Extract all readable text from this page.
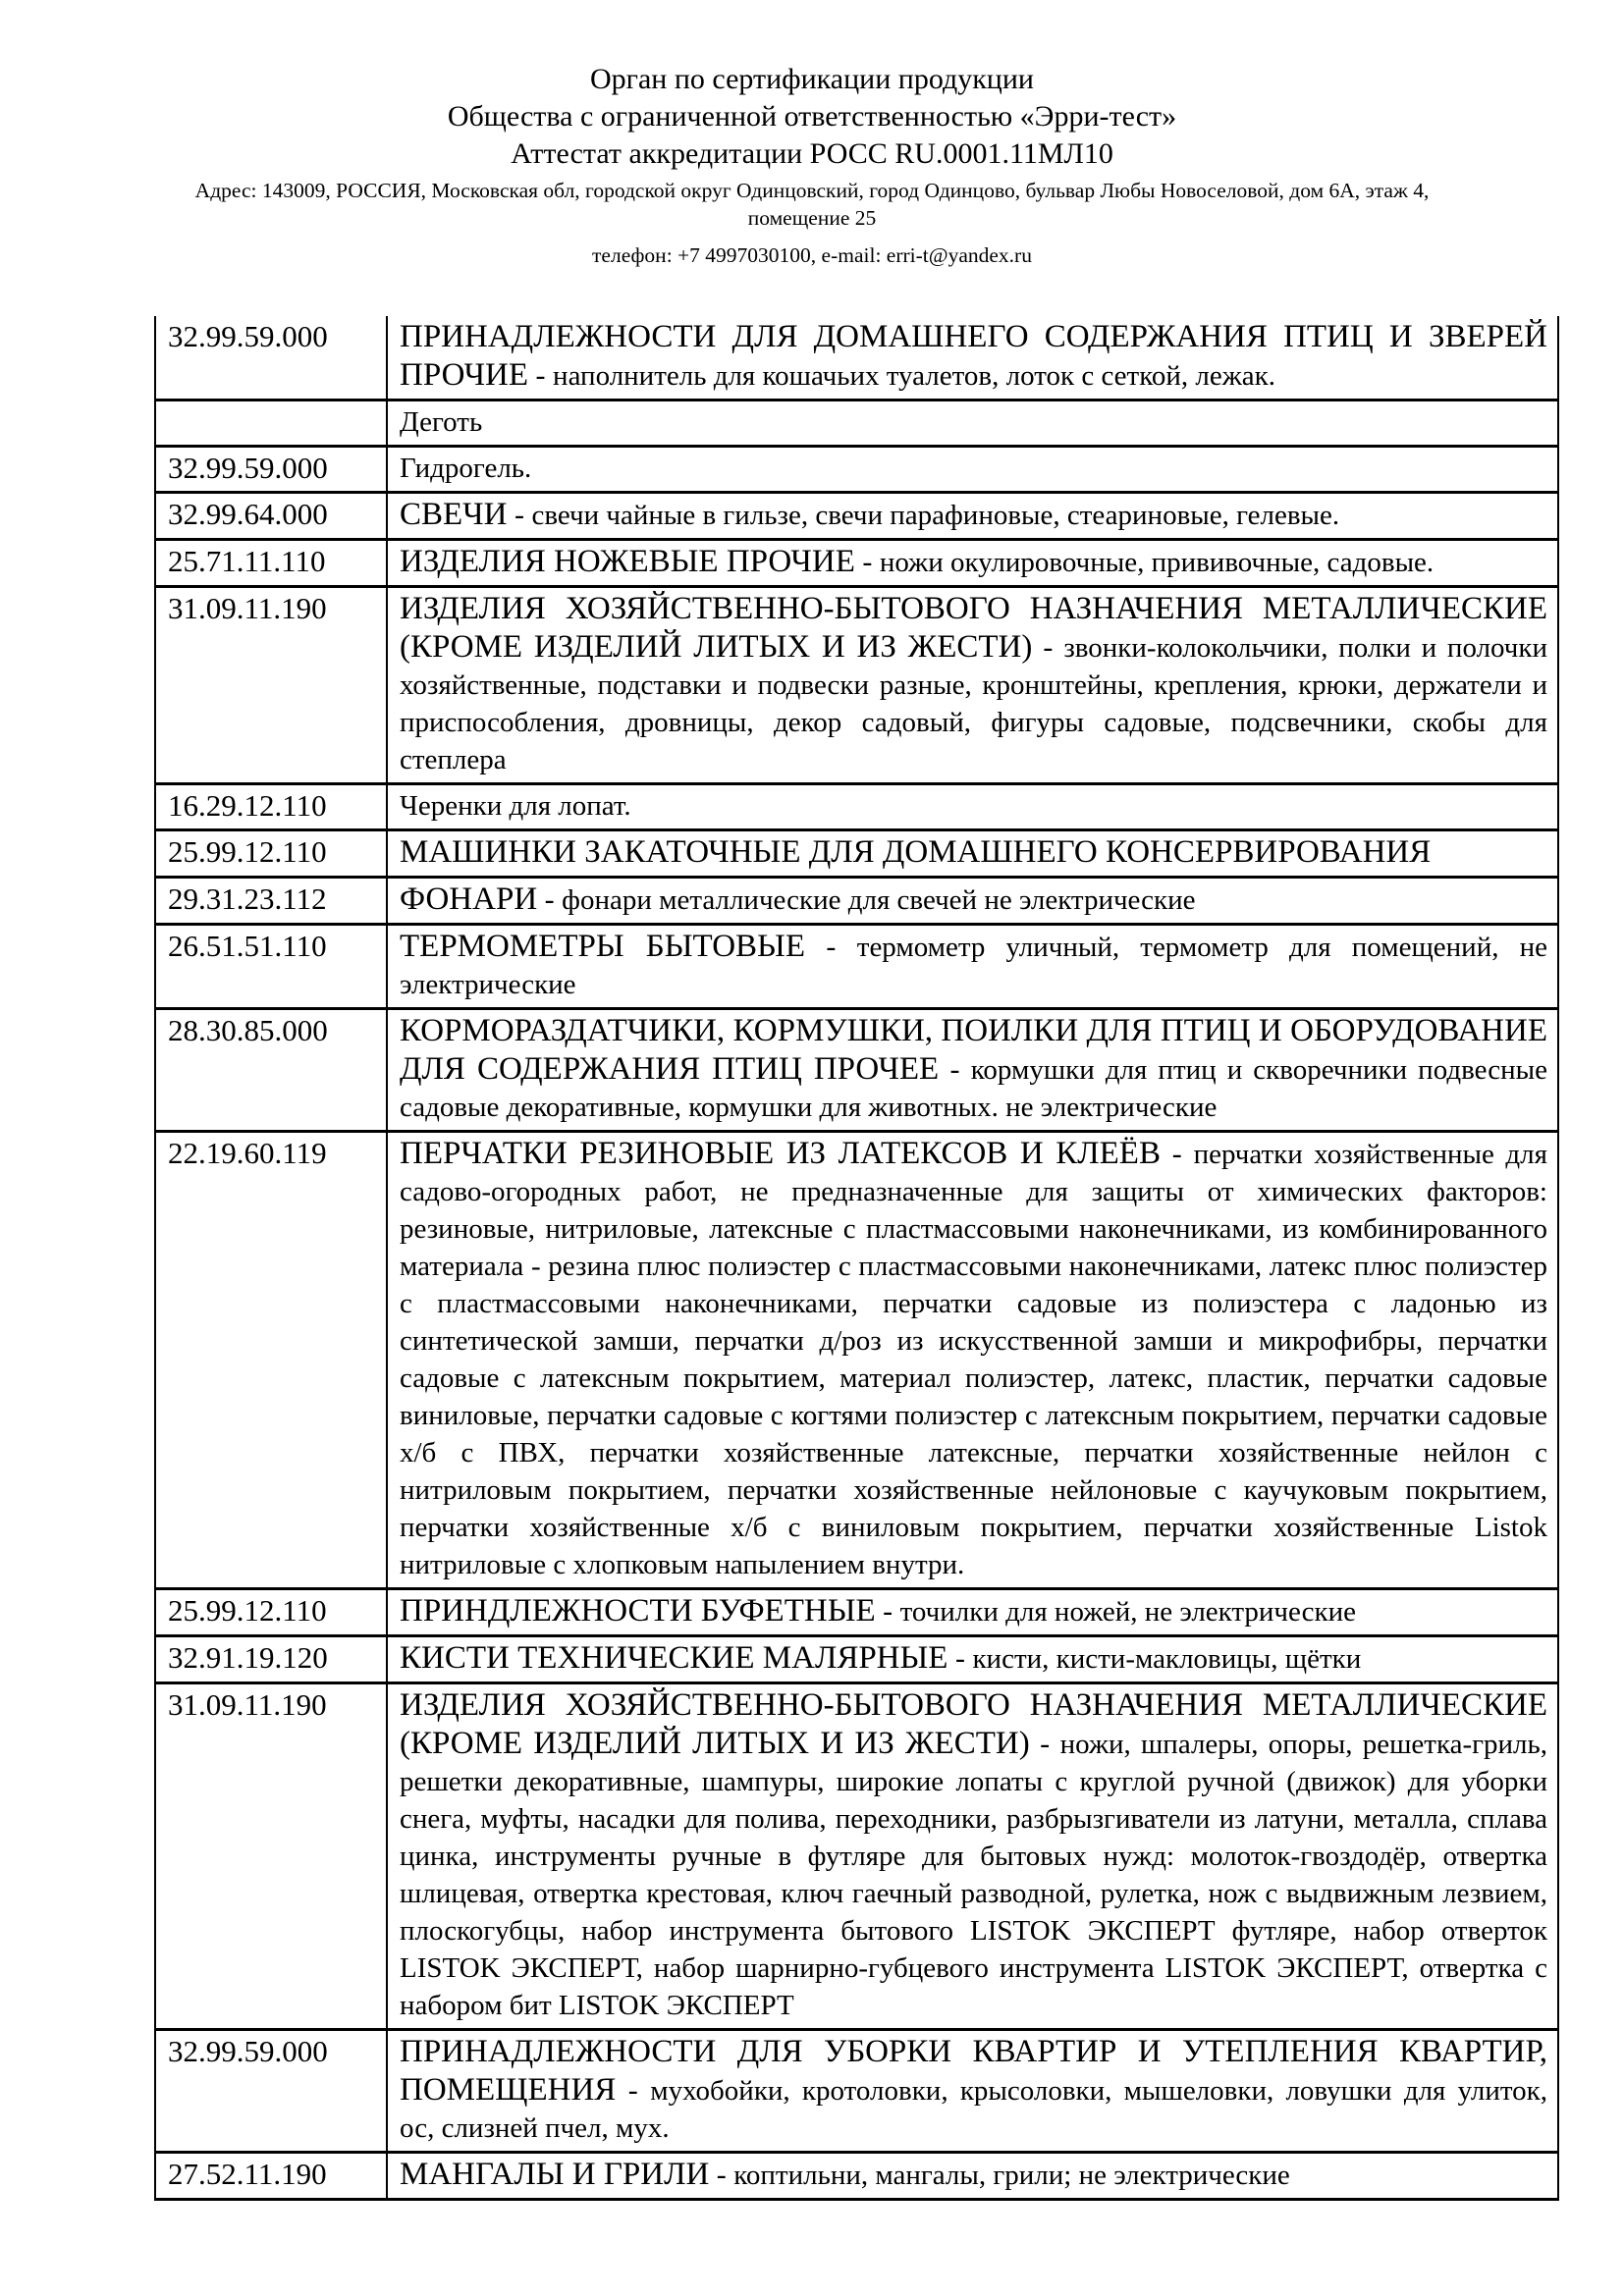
Орган по сертификации продукции
Общества с ограниченной ответственностью «Эрри-тест»
Аттестат аккредитации РОСС RU.0001.11МЛ10
Адрес: 143009, РОССИЯ, Московская обл, городской округ Одинцовский, город Одинцово, бульвар Любы Новоселовой, дом 6А, этаж 4, помещение 25
телефон: +7 4997030100, e-mail: erri-t@yandex.ru
32.99.59.000	ПРИНАДЛЕЖНОСТИ ДЛЯ ДОМАШНЕГО СОДЕРЖАНИЯ ПТИЦ И ЗВЕРЕЙ ПРОЧИЕ - наполнитель для кошачьих туалетов, лоток с сеткой, лежак.
	Деготь
32.99.59.000	Гидрогель.
32.99.64.000	СВЕЧИ - свечи чайные в гильзе, свечи парафиновые, стеариновые, гелевые.
25.71.11.110	ИЗДЕЛИЯ НОЖЕВЫЕ ПРОЧИЕ - ножи окулировочные, прививочные, садовые.
31.09.11.190	ИЗДЕЛИЯ ХОЗЯЙСТВЕННО-БЫТОВОГО НАЗНАЧЕНИЯ МЕТАЛЛИЧЕСКИЕ (КРОМЕ ИЗДЕЛИЙ ЛИТЫХ И ИЗ ЖЕСТИ) - звонки-колокольчики, полки и полочки хозяйственные, подставки и подвески разные, кронштейны, крепления, крюки, держатели и приспособления, дровницы, декор садовый, фигуры садовые, подсвечники, скобы для степлера
16.29.12.110	Черенки для лопат.
25.99.12.110	МАШИНКИ ЗАКАТОЧНЫЕ ДЛЯ ДОМАШНЕГО КОНСЕРВИРОВАНИЯ
29.31.23.112	ФОНАРИ - фонари металлические для свечей не электрические
26.51.51.110	ТЕРМОМЕТРЫ БЫТОВЫЕ - термометр уличный, термометр для помещений, не электрические
28.30.85.000	КОРМОРАЗДАТЧИКИ, КОРМУШКИ, ПОИЛКИ ДЛЯ ПТИЦ И ОБОРУДОВАНИЕ ДЛЯ СОДЕРЖАНИЯ ПТИЦ ПРОЧЕЕ - кормушки для птиц и скворечники подвесные садовые декоративные, кормушки для животных. не электрические
22.19.60.119	ПЕРЧАТКИ РЕЗИНОВЫЕ ИЗ ЛАТЕКСОВ И КЛЕЁВ - перчатки хозяйственные для садово-огородных работ, не предназначенные для защиты от химических факторов: резиновые, нитриловые, латексные с пластмассовыми наконечниками, из комбинированного материала - резина плюс полиэстер с пластмассовыми наконечниками, латекс плюс полиэстер с пластмассовыми наконечниками, перчатки садовые из полиэстера с ладонью из синтетической замши, перчатки д/роз из искусственной замши и микрофибры, перчатки садовые с латексным покрытием, материал полиэстер, латекс, пластик, перчатки садовые виниловые, перчатки садовые с когтями полиэстер с латексным покрытием, перчатки садовые х/б с ПВХ, перчатки хозяйственные латексные, перчатки хозяйственные нейлон с нитриловым покрытием, перчатки хозяйственные нейлоновые с каучуковым покрытием, перчатки хозяйственные х/б с виниловым покрытием, перчатки хозяйственные Listok нитриловые с хлопковым напылением внутри.
25.99.12.110	ПРИНДЛЕЖНОСТИ БУФЕТНЫЕ - точилки для ножей, не электрические
32.91.19.120	КИСТИ ТЕХНИЧЕСКИЕ МАЛЯРНЫЕ - кисти, кисти-макловицы, щётки
31.09.11.190	ИЗДЕЛИЯ ХОЗЯЙСТВЕННО-БЫТОВОГО НАЗНАЧЕНИЯ МЕТАЛЛИЧЕСКИЕ (КРОМЕ ИЗДЕЛИЙ ЛИТЫХ И ИЗ ЖЕСТИ) - ножи, шпалеры, опоры, решетка-гриль, решетки декоративные, шампуры, широкие лопаты с круглой ручной (движок) для уборки снега, муфты, насадки для полива, переходники, разбрызгиватели из латуни, металла, сплава цинка, инструменты ручные в футляре для бытовых нужд: молоток-гвоздодёр, отвертка шлицевая, отвертка крестовая, ключ гаечный разводной, рулетка, нож с выдвижным лезвием, плоскогубцы, набор инструмента бытового LISTOK ЭКСПЕРТ футляре, набор отверток LISTOK ЭКСПЕРТ, набор шарнирно-губцевого инструмента LISTOK ЭКСПЕРТ, отвертка с набором бит LISTOK ЭКСПЕРТ
32.99.59.000	ПРИНАДЛЕЖНОСТИ ДЛЯ УБОРКИ КВАРТИР И УТЕПЛЕНИЯ КВАРТИР, ПОМЕЩЕНИЯ - мухобойки, кротоловки, крысоловки, мышеловки, ловушки для улиток, ос, слизней пчел, мух.
27.52.11.190	МАНГАЛЫ И ГРИЛИ - коптильни, мангалы, грили; не электрические
